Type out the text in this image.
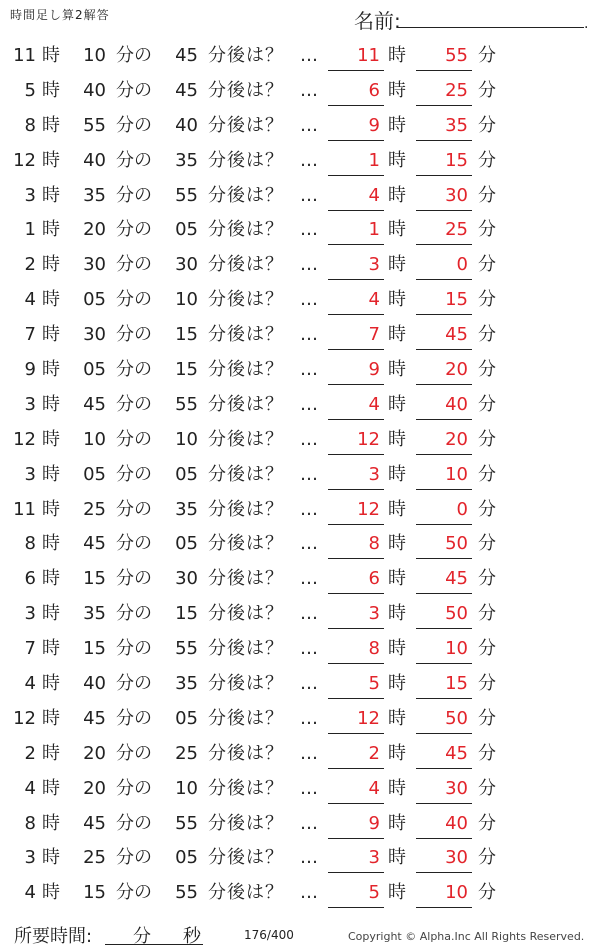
時間足し算2解答	名前:	.
11 時	10 分の	45 分後は？ …	11 時	55 分
5 時	40 分の	45 分後は？ …	6 時	25 分
8 時	55 分の	40 分後は？ …	9 時	35 分
12 時	40 分の	35 分後は？ …	1 時	15 分
3 時	35 分の	55 分後は？ …	4 時	30 分
1 時	20 分の	05 分後は？ …	1 時	25 分
2 時	30 分の	30 分後は？ …	3 時	0 分
4 時	05 分の	10 分後は？ …	4 時	15 分
7 時	30 分の	15 分後は？ …	7 時	45 分
9 時	05 分の	15 分後は？ …	9 時	20 分
3 時	45 分の	55 分後は？ …	4 時	40 分
12 時	10 分の	10 分後は？ …	12 時	20 分
3 時	05 分の	05 分後は？ …	3 時	10 分
11 時	25 分の	35 分後は？ …	12 時	0 分
8 時	45 分の	05 分後は？ …	8 時	50 分
6 時	15 分の	30 分後は？ …	6 時	45 分
3 時	35 分の	15 分後は？ …	3 時	50 分
7 時	15 分の	55 分後は？ …	8 時	10 分
4 時	40 分の	35 分後は？ …	5 時	15 分
12 時	45 分の	05 分後は？ …	12 時	50 分
2 時	20 分の	25 分後は？ …	2 時	45 分
4 時	20 分の	10 分後は？ …	4 時	30 分
8 時	45 分の	55 分後は？ …	9 時	40 分
3 時	25 分の	05 分後は？ …	3 時	30 分
4 時	15 分の	55 分後は？ …	5 時	10 分
所要時間: 分 秒	176/400	Copyright © Alpha.Inc All Rights Reserved.
